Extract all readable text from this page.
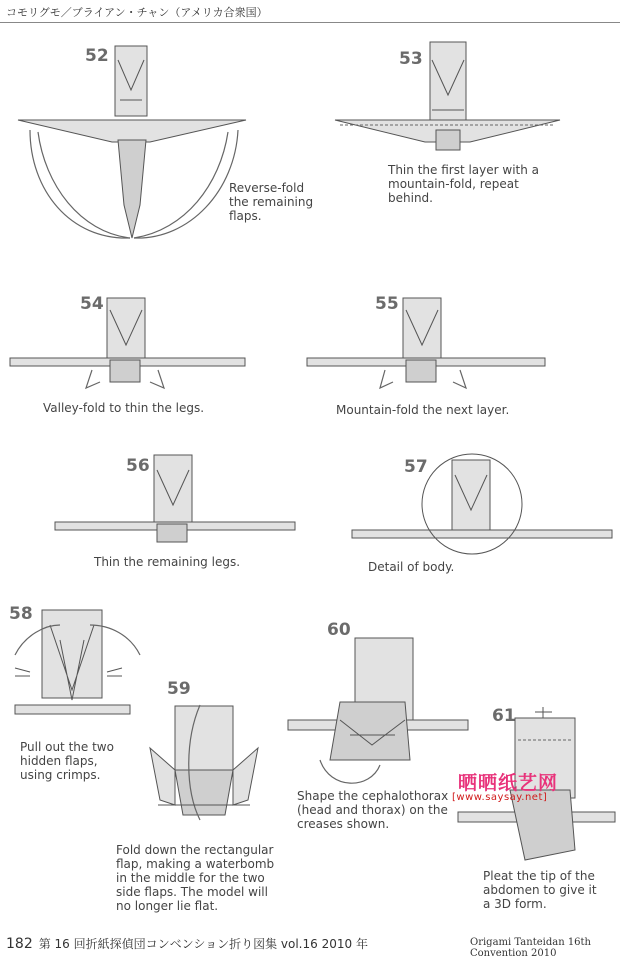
コモリグモ／ブライアン・チャン（アメリカ合衆国）
52	53
54	55
56	57
58
59
60
61
Reverse-fold
the remaining
flaps.
Thin the first layer with a
mountain-fold, repeat
behind.
Valley-fold to thin the legs.	Mountain-fold the next layer.
Thin the remaining legs.	Detail of body.
Pull out the two
hidden flaps,
using crimps.
Fold down the rectangular
flap, making a waterbomb
in the middle for the two
side flaps. The model will
no longer lie flat.
Shape the cephalothorax
(head and thorax) on the
creases shown.
Pleat the tip of the
abdomen to give it
a 3D form.
晒晒纸艺网
[www.saysay.net]
182 第 16 回折紙探偵団コンベンション折り図集 vol.16 2010 年	Origami Tanteidan 16th Convention 2010
